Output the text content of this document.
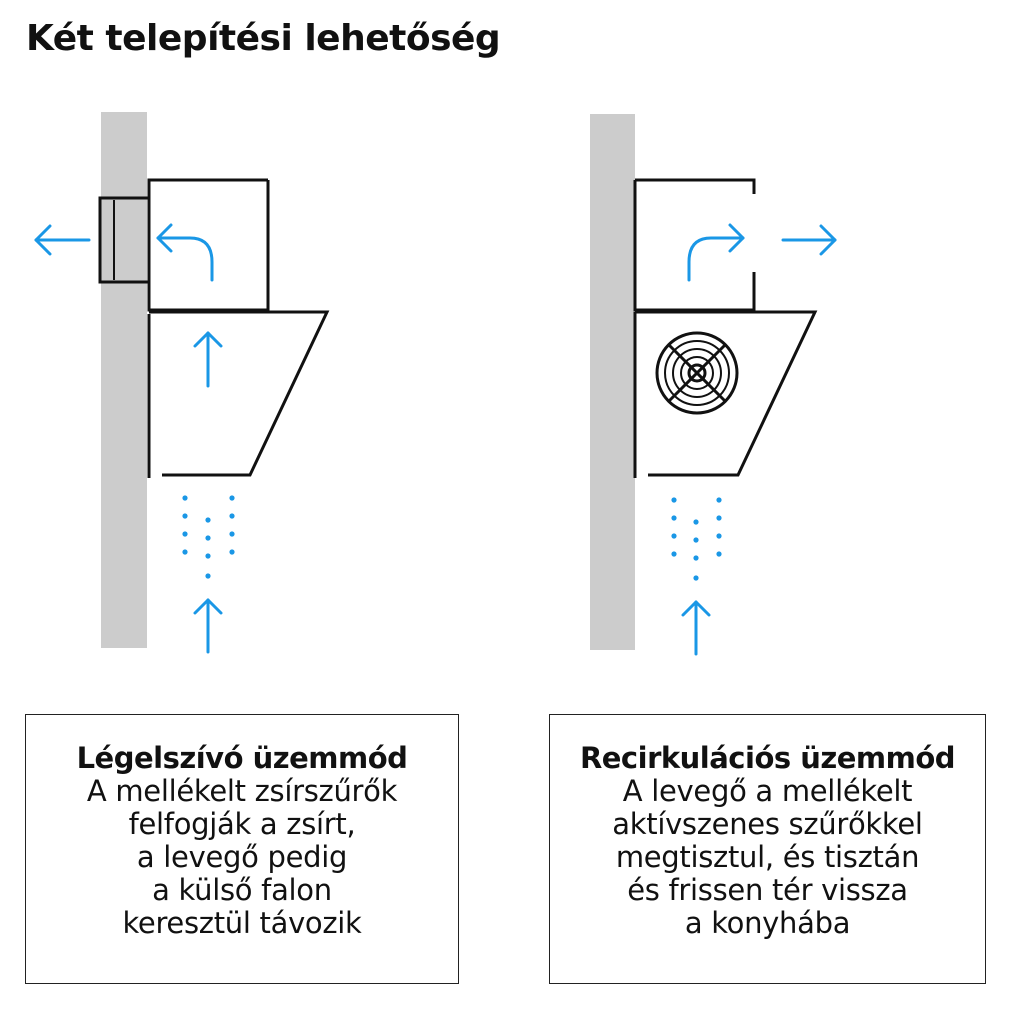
Két telepítési lehetőség
Légelszívó üzemmód
A mellékelt zsírszűrők
felfogják a zsírt,
a levegő pedig
a külső falon
keresztül távozik
Recirkulációs üzemmód
A levegő a mellékelt
aktívszenes szűrőkkel
megtisztul, és tisztán
és frissen tér vissza
a konyhába
